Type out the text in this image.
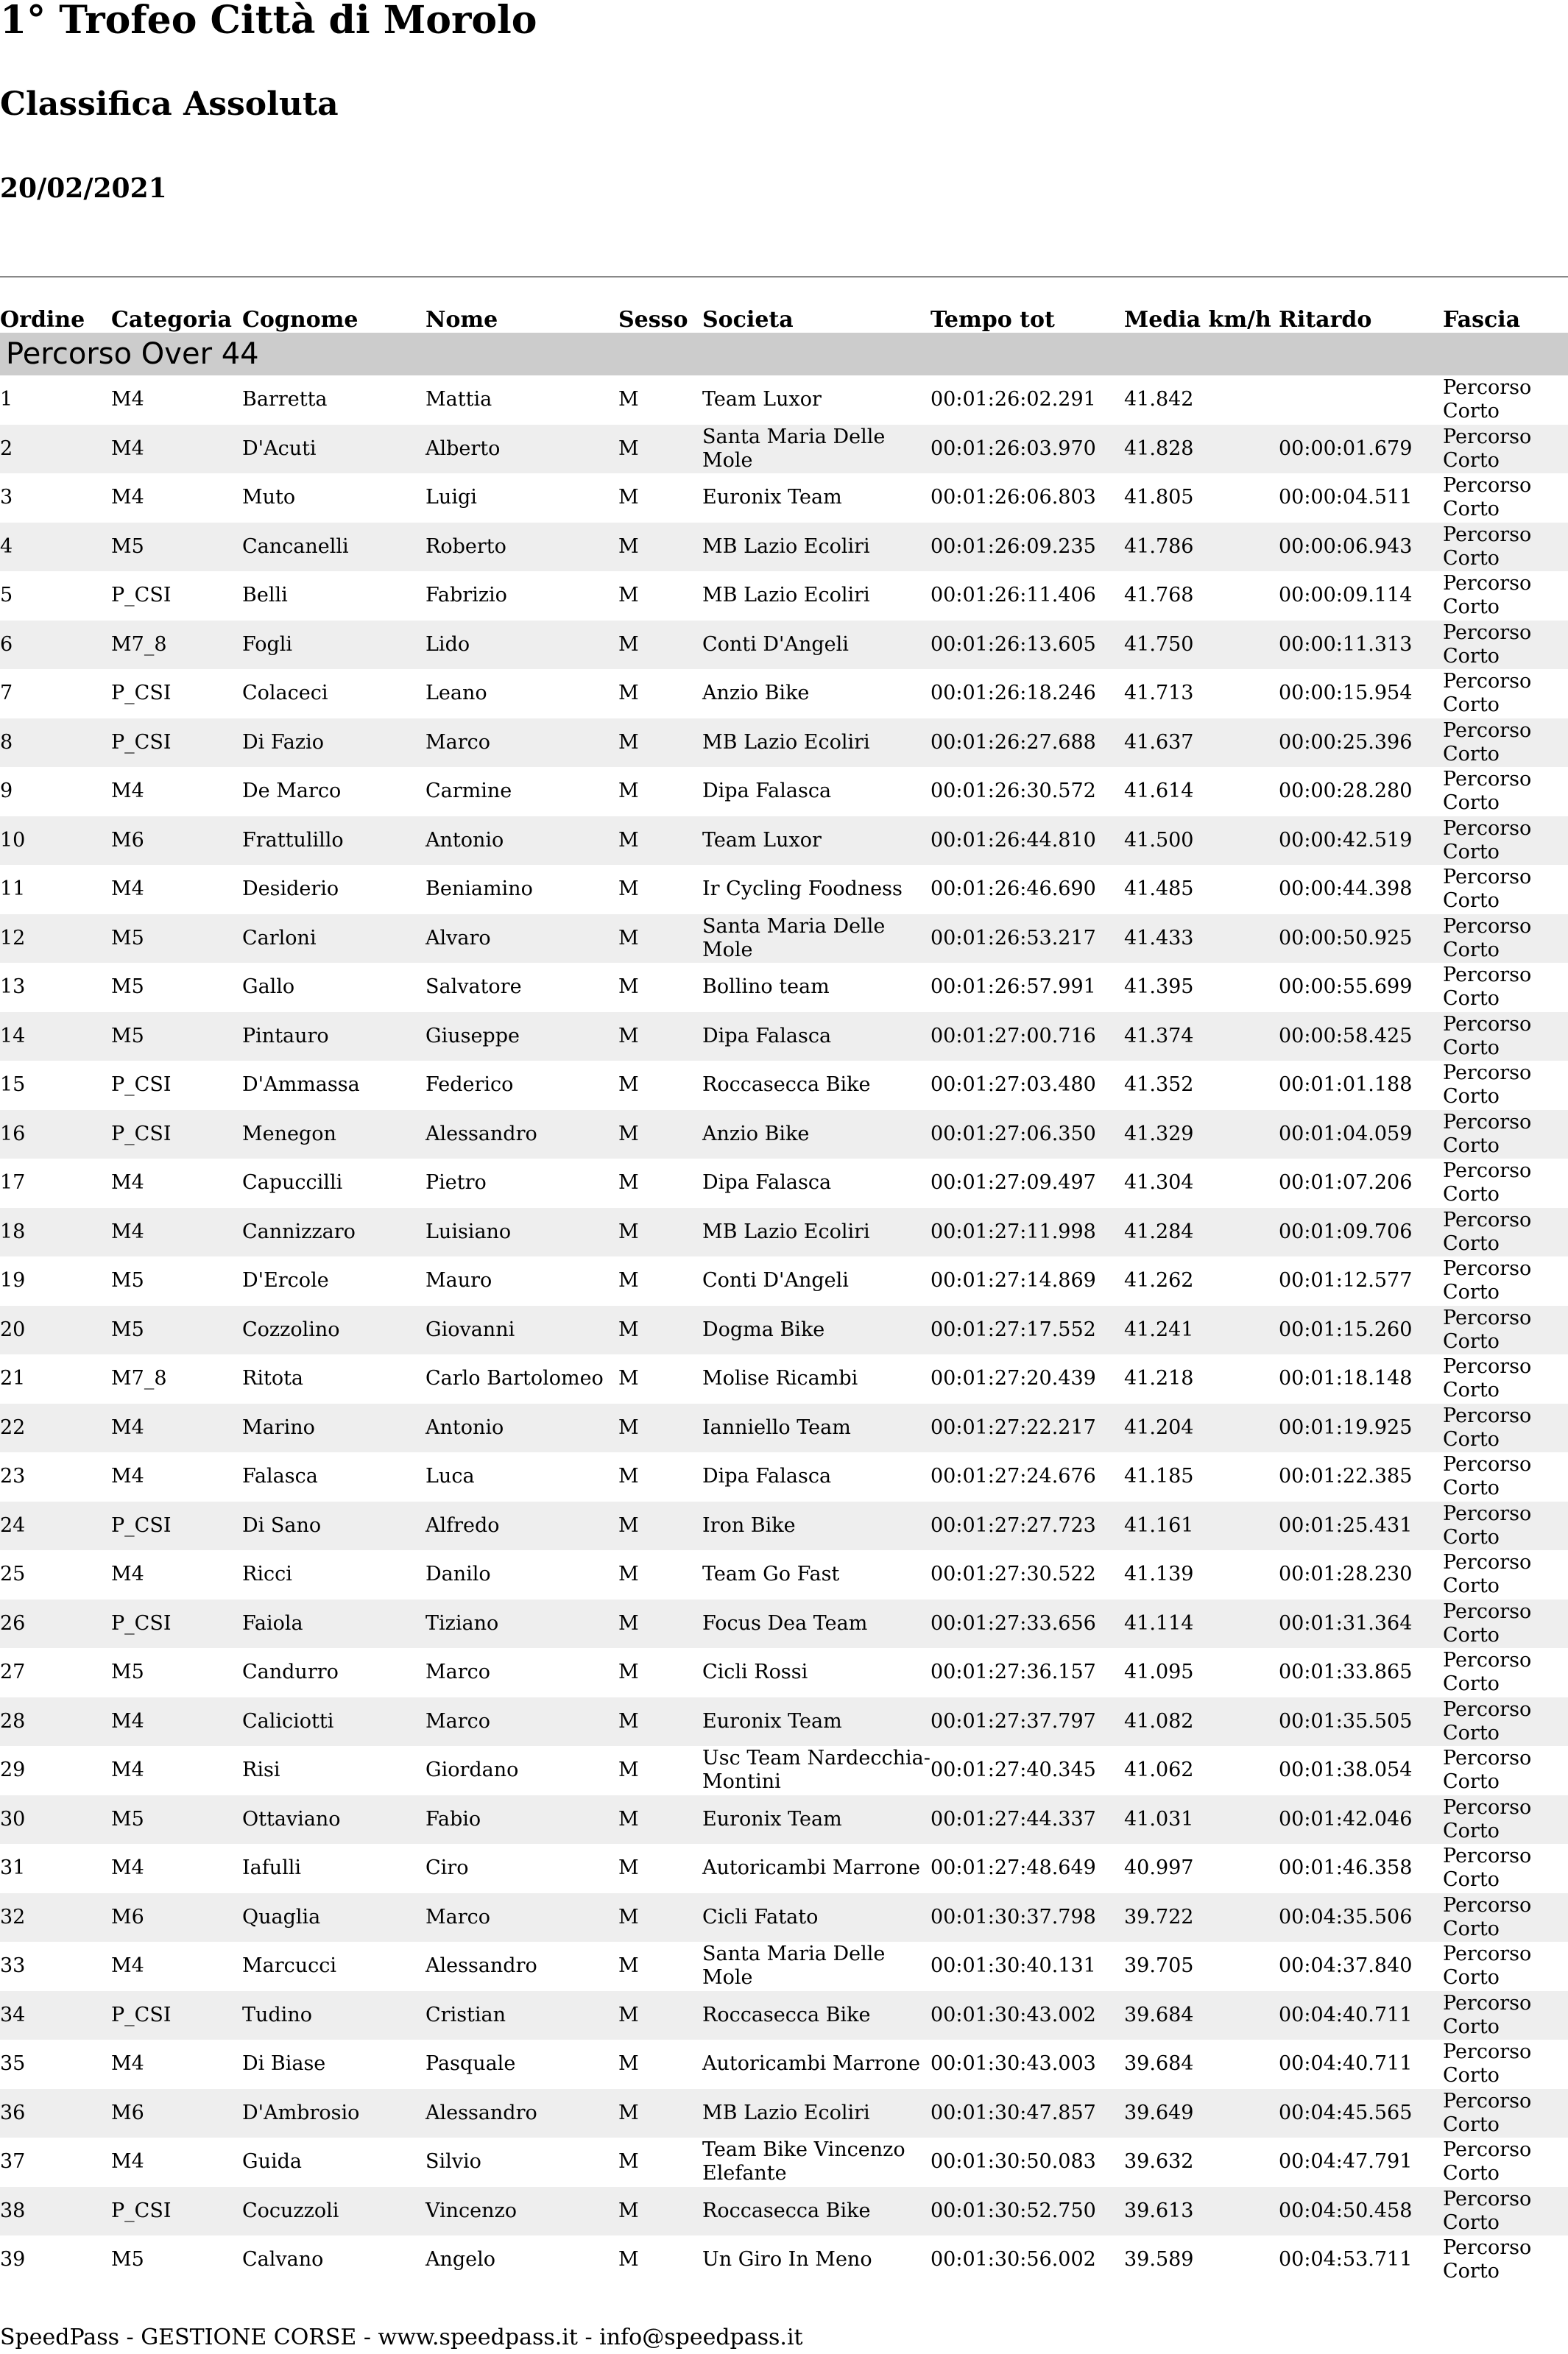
1° Trofeo Città di Morolo
Classifica Assoluta
20/02/2021
Ordine	Categoria	Cognome	Nome	Sesso	Societa	Tempo tot	Media km/h	Ritardo	Fascia
Percorso Over 44									
1	M4	Barretta	Mattia	M	Team Luxor	00:01:26:02.291	41.842		Percorso Corto
2	M4	D'Acuti	Alberto	M	Santa Maria Delle Mole	00:01:26:03.970	41.828	00:00:01.679	Percorso Corto
3	M4	Muto	Luigi	M	Euronix Team	00:01:26:06.803	41.805	00:00:04.511	Percorso Corto
4	M5	Cancanelli	Roberto	M	MB Lazio Ecoliri	00:01:26:09.235	41.786	00:00:06.943	Percorso Corto
5	P_CSI	Belli	Fabrizio	M	MB Lazio Ecoliri	00:01:26:11.406	41.768	00:00:09.114	Percorso Corto
6	M7_8	Fogli	Lido	M	Conti D'Angeli	00:01:26:13.605	41.750	00:00:11.313	Percorso Corto
7	P_CSI	Colaceci	Leano	M	Anzio Bike	00:01:26:18.246	41.713	00:00:15.954	Percorso Corto
8	P_CSI	Di Fazio	Marco	M	MB Lazio Ecoliri	00:01:26:27.688	41.637	00:00:25.396	Percorso Corto
9	M4	De Marco	Carmine	M	Dipa Falasca	00:01:26:30.572	41.614	00:00:28.280	Percorso Corto
10	M6	Frattulillo	Antonio	M	Team Luxor	00:01:26:44.810	41.500	00:00:42.519	Percorso Corto
11	M4	Desiderio	Beniamino	M	Ir Cycling Foodness	00:01:26:46.690	41.485	00:00:44.398	Percorso Corto
12	M5	Carloni	Alvaro	M	Santa Maria Delle Mole	00:01:26:53.217	41.433	00:00:50.925	Percorso Corto
13	M5	Gallo	Salvatore	M	Bollino team	00:01:26:57.991	41.395	00:00:55.699	Percorso Corto
14	M5	Pintauro	Giuseppe	M	Dipa Falasca	00:01:27:00.716	41.374	00:00:58.425	Percorso Corto
15	P_CSI	D'Ammassa	Federico	M	Roccasecca Bike	00:01:27:03.480	41.352	00:01:01.188	Percorso Corto
16	P_CSI	Menegon	Alessandro	M	Anzio Bike	00:01:27:06.350	41.329	00:01:04.059	Percorso Corto
17	M4	Capuccilli	Pietro	M	Dipa Falasca	00:01:27:09.497	41.304	00:01:07.206	Percorso Corto
18	M4	Cannizzaro	Luisiano	M	MB Lazio Ecoliri	00:01:27:11.998	41.284	00:01:09.706	Percorso Corto
19	M5	D'Ercole	Mauro	M	Conti D'Angeli	00:01:27:14.869	41.262	00:01:12.577	Percorso Corto
20	M5	Cozzolino	Giovanni	M	Dogma Bike	00:01:27:17.552	41.241	00:01:15.260	Percorso Corto
21	M7_8	Ritota	Carlo Bartolomeo	M	Molise Ricambi	00:01:27:20.439	41.218	00:01:18.148	Percorso Corto
22	M4	Marino	Antonio	M	Ianniello Team	00:01:27:22.217	41.204	00:01:19.925	Percorso Corto
23	M4	Falasca	Luca	M	Dipa Falasca	00:01:27:24.676	41.185	00:01:22.385	Percorso Corto
24	P_CSI	Di Sano	Alfredo	M	Iron Bike	00:01:27:27.723	41.161	00:01:25.431	Percorso Corto
25	M4	Ricci	Danilo	M	Team Go Fast	00:01:27:30.522	41.139	00:01:28.230	Percorso Corto
26	P_CSI	Faiola	Tiziano	M	Focus Dea Team	00:01:27:33.656	41.114	00:01:31.364	Percorso Corto
27	M5	Candurro	Marco	M	Cicli Rossi	00:01:27:36.157	41.095	00:01:33.865	Percorso Corto
28	M4	Caliciotti	Marco	M	Euronix Team	00:01:27:37.797	41.082	00:01:35.505	Percorso Corto
29	M4	Risi	Giordano	M	Usc Team Nardecchia-Montini	00:01:27:40.345	41.062	00:01:38.054	Percorso Corto
30	M5	Ottaviano	Fabio	M	Euronix Team	00:01:27:44.337	41.031	00:01:42.046	Percorso Corto
31	M4	Iafulli	Ciro	M	Autoricambi Marrone	00:01:27:48.649	40.997	00:01:46.358	Percorso Corto
32	M6	Quaglia	Marco	M	Cicli Fatato	00:01:30:37.798	39.722	00:04:35.506	Percorso Corto
33	M4	Marcucci	Alessandro	M	Santa Maria Delle Mole	00:01:30:40.131	39.705	00:04:37.840	Percorso Corto
34	P_CSI	Tudino	Cristian	M	Roccasecca Bike	00:01:30:43.002	39.684	00:04:40.711	Percorso Corto
35	M4	Di Biase	Pasquale	M	Autoricambi Marrone	00:01:30:43.003	39.684	00:04:40.711	Percorso Corto
36	M6	D'Ambrosio	Alessandro	M	MB Lazio Ecoliri	00:01:30:47.857	39.649	00:04:45.565	Percorso Corto
37	M4	Guida	Silvio	M	Team Bike Vincenzo Elefante	00:01:30:50.083	39.632	00:04:47.791	Percorso Corto
38	P_CSI	Cocuzzoli	Vincenzo	M	Roccasecca Bike	00:01:30:52.750	39.613	00:04:50.458	Percorso Corto
39	M5	Calvano	Angelo	M	Un Giro In Meno	00:01:30:56.002	39.589	00:04:53.711	Percorso Corto
SpeedPass - GESTIONE CORSE - www.speedpass.it - info@speedpass.it
